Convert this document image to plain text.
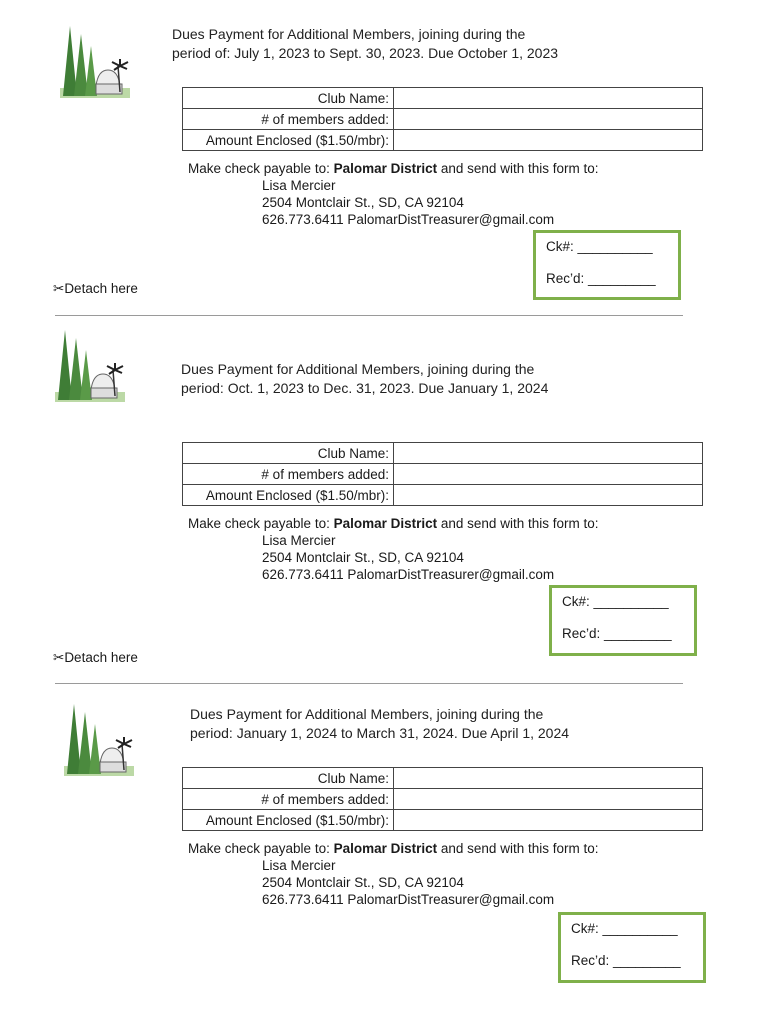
Dues Payment for Additional Members, joining during the
period of: July 1, 2023 to Sept. 30, 2023. Due October 1, 2023
Club Name:	
# of members added:	
Amount Enclosed ($1.50/mbr):	
Make check payable to: Palomar District and send with this form to:
Lisa Mercier
2504 Montclair St., SD, CA 92104
626.773.6411 PalomarDistTreasurer@gmail.com
Ck#: __________
Rec’d: _________
✂Detach here
Dues Payment for Additional Members, joining during the
period: Oct. 1, 2023 to Dec. 31, 2023. Due January 1, 2024
Club Name:	
# of members added:	
Amount Enclosed ($1.50/mbr):	
Make check payable to: Palomar District and send with this form to:
Lisa Mercier
2504 Montclair St., SD, CA 92104
626.773.6411 PalomarDistTreasurer@gmail.com
Ck#: __________
Rec’d: _________
✂Detach here
Dues Payment for Additional Members, joining during the
period: January 1, 2024 to March 31, 2024. Due April 1, 2024
Club Name:	
# of members added:	
Amount Enclosed ($1.50/mbr):	
Make check payable to: Palomar District and send with this form to:
Lisa Mercier
2504 Montclair St., SD, CA 92104
626.773.6411 PalomarDistTreasurer@gmail.com
Ck#: __________
Rec’d: _________
